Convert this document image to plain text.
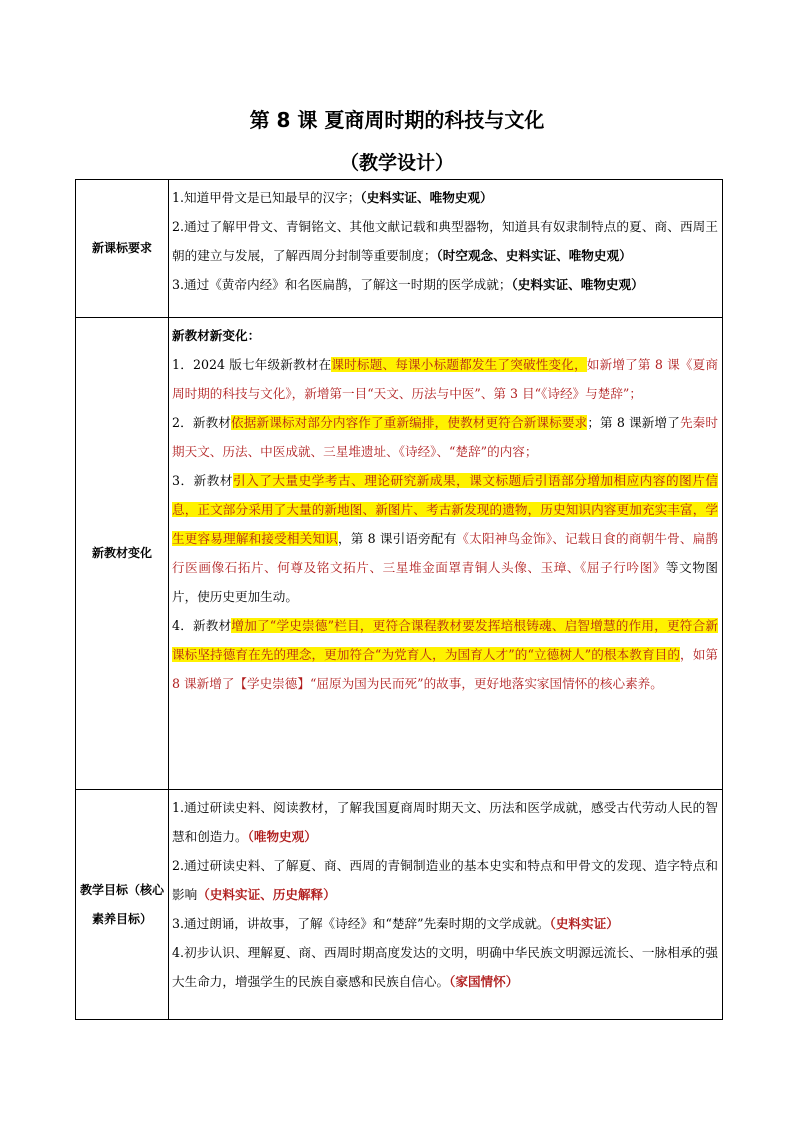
第 8 课 夏商周时期的科技与文化
（教学设计）
新课标要求	1.知道甲骨文是已知最早的汉字；（史料实证、唯物史观）

2.通过了解甲骨文、青铜铭文、其他文献记载和典型器物，知道具有奴隶制特点的夏、商、西周王朝的建立与发展，了解西周分封制等重要制度；（时空观念、史料实证、唯物史观）

3.通过《黄帝内经》和名医扁鹊，了解这一时期的医学成就；（史料实证、唯物史观）

新教材变化	新教材新变化：

1．2024 版七年级新教材在课时标题、每课小标题都发生了突破性变化，如新增了第 8 课《夏商周时期的科技与文化》，新增第一目“天文、历法与中医”、第 3 目“《诗经》与楚辞”；

2．新教材依据新课标对部分内容作了重新编排，使教材更符合新课标要求；第 8 课新增了先秦时期天文、历法、中医成就、三星堆遗址、《诗经》、“楚辞”的内容；

3．新教材引入了大量史学考古、理论研究新成果，课文标题后引语部分增加相应内容的图片信息，正文部分采用了大量的新地图、新图片、考古新发现的遗物，历史知识内容更加充实丰富，学生更容易理解和接受相关知识，第 8 课引语旁配有《太阳神鸟金饰》、记载日食的商朝牛骨、扁鹊行医画像石拓片、何尊及铭文拓片、三星堆金面罩青铜人头像、玉璋、《屈子行吟图》等文物图片，使历史更加生动。

4．新教材增加了“学史崇德”栏目，更符合课程教材要发挥培根铸魂、启智增慧的作用，更符合新课标坚持德育在先的理念，更加符合“为党育人，为国育人才”的“立德树人”的根本教育目的，如第 8 课新增了【学史崇德】“屈原为国为民而死”的故事，更好地落实家国情怀的核心素养。

教学目标（核心素养目标）	1.通过研读史料、阅读教材，了解我国夏商周时期天文、历法和医学成就，感受古代劳动人民的智慧和创造力。（唯物史观）

2.通过研读史料、了解夏、商、西周的青铜制造业的基本史实和特点和甲骨文的发现、造字特点和影响（史料实证、历史解释）

3.通过朗诵，讲故事，了解《诗经》和“楚辞”先秦时期的文学成就。（史料实证）

4.初步认识、理解夏、商、西周时期高度发达的文明，明确中华民族文明源远流长、一脉相承的强大生命力，增强学生的民族自豪感和民族自信心。（家国情怀）
